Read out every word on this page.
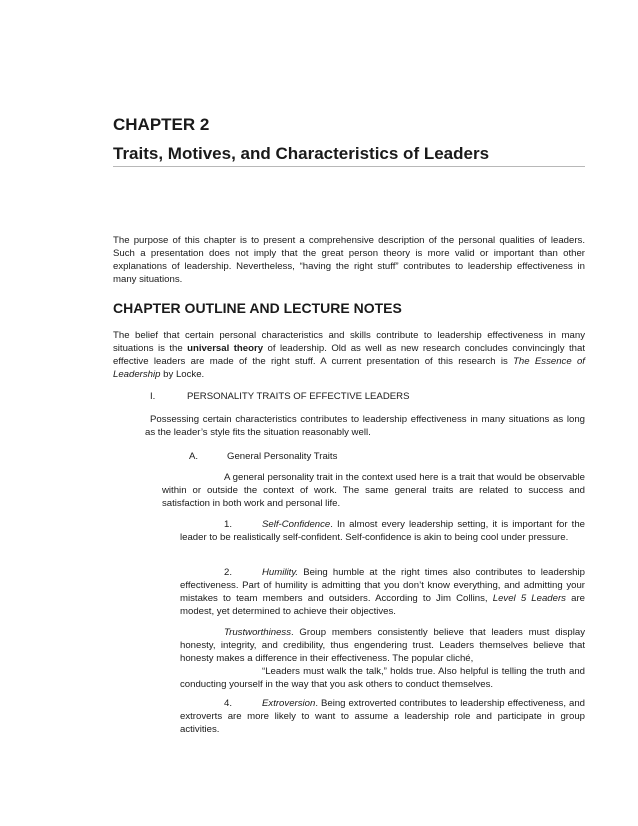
CHAPTER 2
Traits, Motives, and Characteristics of Leaders

The purpose of this chapter is to present a comprehensive description of the personal qualities of leaders. Such a presentation does not imply that the great person theory is more valid or important than other explanations of leadership. Nevertheless, “having the right stuff” contributes to leadership effectiveness in many situations.

CHAPTER OUTLINE AND LECTURE NOTES

The belief that certain personal characteristics and skills contribute to leadership effectiveness in many situations is the universal theory of leadership. Old as well as new research concludes convincingly that effective leaders are made of the right stuff. A current presentation of this research is The Essence of Leadership by Locke.

I.	PERSONALITY TRAITS OF EFFECTIVE LEADERS

Possessing certain characteristics contributes to leadership effectiveness in many situations as long as the leader’s style fits the situation reasonably well.

A.	General Personality Traits

A general personality trait in the context used here is a trait that would be observable within or outside the context of work. The same general traits are related to success and satisfaction in both work and personal life.

1.	Self-Confidence. In almost every leadership setting, it is important for the leader to be realistically self-confident. Self-confidence is akin to being cool under pressure.

2.	Humility. Being humble at the right times also contributes to leadership effectiveness. Part of humility is admitting that you don’t know everything, and admitting your mistakes to team members and outsiders. According to Jim Collins, Level 5 Leaders are modest, yet determined to achieve their objectives.

Trustworthiness. Group members consistently believe that leaders must display honesty, integrity, and credibility, thus engendering trust. Leaders themselves believe that honesty makes a difference in their effectiveness. The popular cliché,
“Leaders must walk the talk,” holds true. Also helpful is telling the truth and conducting yourself in the way that you ask others to conduct themselves.

4.	Extroversion. Being extroverted contributes to leadership effectiveness, and extroverts are more likely to want to assume a leadership role and participate in group activities.
